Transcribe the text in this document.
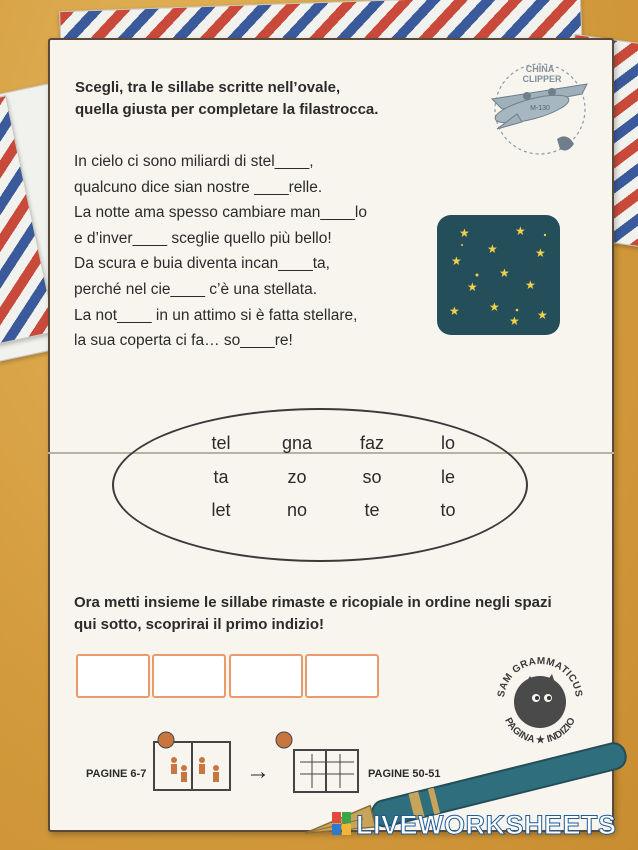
CHINA
CLIPPER
M-130
Scegli, tra le sillabe scritte nell’ovale,
quella giusta per completare la filastrocca.
In cielo ci sono miliardi di stel____,
qualcuno dice sian nostre ____relle.
La notte ama spesso cambiare man____lo
e d’inver____ sceglie quello più bello!
Da scura e buia diventa incan____ta,
perché nel cie____ c’è una stellata.
La not____ in un attimo si è fatta stellare,
la sua coperta ci fa… so____re!
★	★
★
★
★
★
★	★
★ ★
★
★
tel	gna	faz	lo
ta	zo	so	le
let	no	te	to
Ora metti insieme le sillabe rimaste e ricopiale in ordine negli spazi
qui sotto, scoprirai il primo indizio!
SAM GRAMMATICUS
PAGINA ★ INDIZIO
PAGINE 6-7	→	PAGINE 50-51
LIVEWORKSHEETS
